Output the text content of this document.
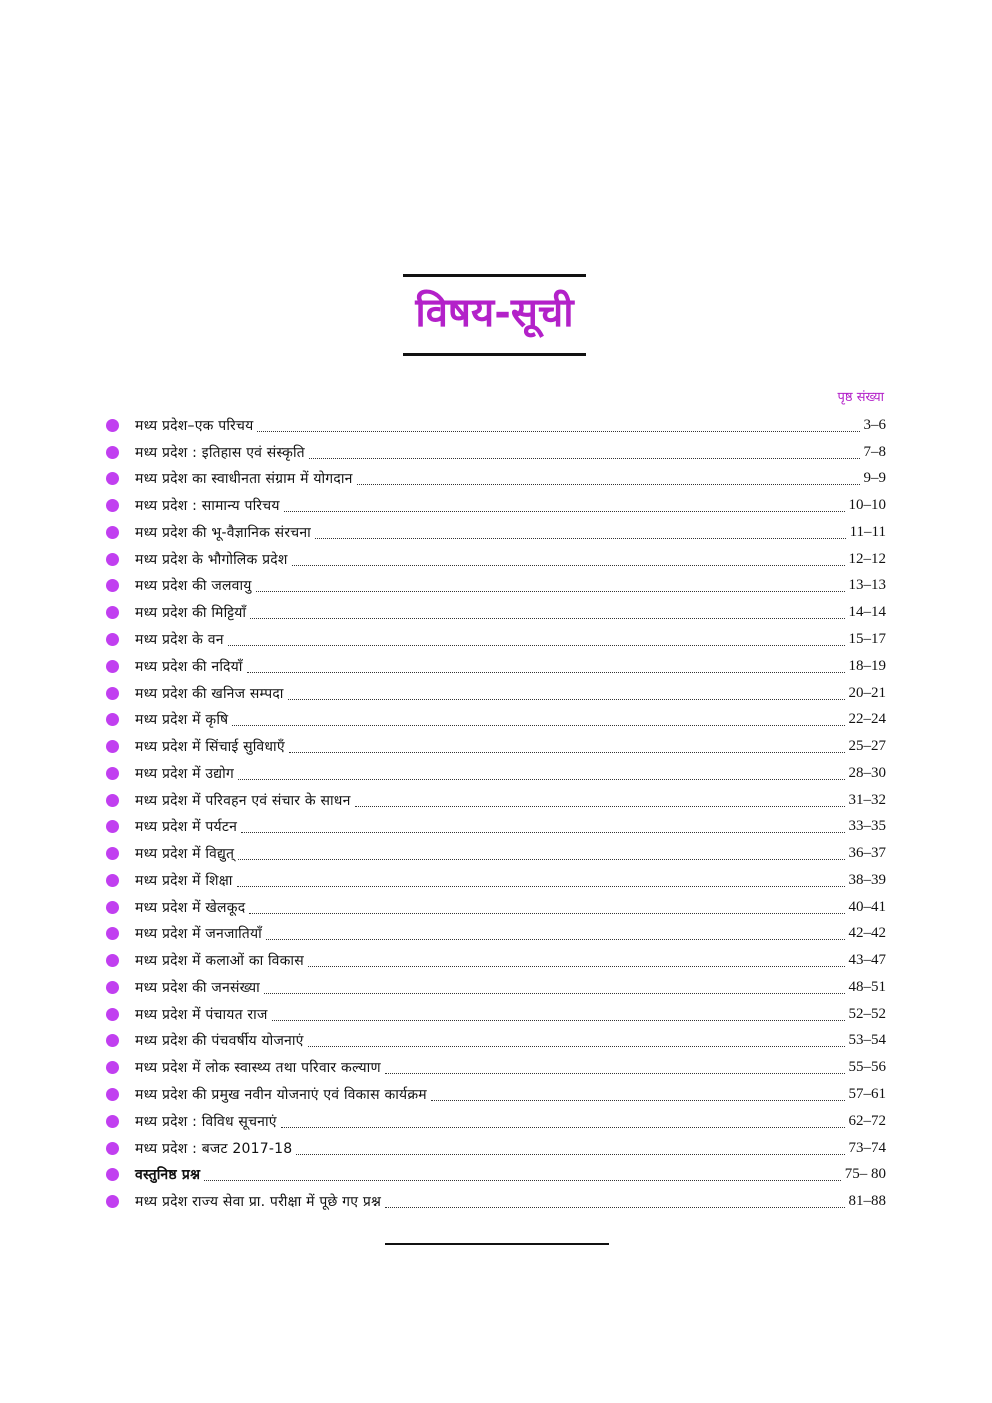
विषय-सूची
पृष्ठ संख्या
मध्य प्रदेश–एक परिचय	3–6
मध्य प्रदेश : इतिहास एवं संस्कृति	7–8
मध्य प्रदेश का स्वाधीनता संग्राम में योगदान	9–9
मध्य प्रदेश : सामान्य परिचय	10–10
मध्य प्रदेश की भू-वैज्ञानिक संरचना	11–11
मध्य प्रदेश के भौगोलिक प्रदेश	12–12
मध्य प्रदेश की जलवायु	13–13
मध्य प्रदेश की मिट्टियाँ	14–14
मध्य प्रदेश के वन	15–17
मध्य प्रदेश की नदियाँ	18–19
मध्य प्रदेश की खनिज सम्पदा	20–21
मध्य प्रदेश में कृषि	22–24
मध्य प्रदेश में सिंचाई सुविधाएँ	25–27
मध्य प्रदेश में उद्योग	28–30
मध्य प्रदेश में परिवहन एवं संचार के साधन	31–32
मध्य प्रदेश में पर्यटन	33–35
मध्य प्रदेश में विद्युत्	36–37
मध्य प्रदेश में शिक्षा	38–39
मध्य प्रदेश में खेलकूद	40–41
मध्य प्रदेश में जनजातियाँ	42–42
मध्य प्रदेश में कलाओं का विकास	43–47
मध्य प्रदेश की जनसंख्या	48–51
मध्य प्रदेश में पंचायत राज	52–52
मध्य प्रदेश की पंचवर्षीय योजनाएं	53–54
मध्य प्रदेश में लोक स्वास्थ्य तथा परिवार कल्याण	55–56
मध्य प्रदेश की प्रमुख नवीन योजनाएं एवं विकास कार्यक्रम	57–61
मध्य प्रदेश : विविध सूचनाएं	62–72
मध्य प्रदेश : बजट 2017-18	73–74
वस्तुनिष्ठ प्रश्न	75– 80
मध्य प्रदेश राज्य सेवा प्रा. परीक्षा में पूछे गए प्रश्न	81–88
